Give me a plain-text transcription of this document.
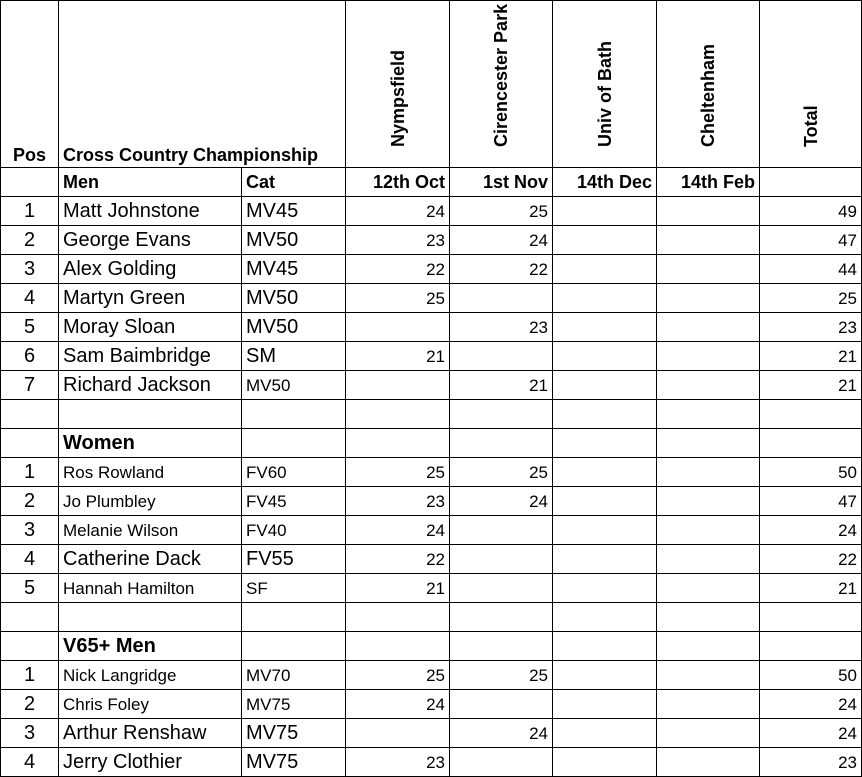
Pos	Cross Country Championship		Nympsfield	Cirencester Park	Univ of Bath	Cheltenham	Total

	Men	Cat	12th Oct	1st Nov	14th Dec	14th Feb	
1	Matt Johnstone	MV45	24	25			49
2	George Evans	MV50	23	24			47
3	Alex Golding	MV45	22	22			44
4	Martyn Green	MV50	25				25
5	Moray Sloan	MV50		23			23
6	Sam Baimbridge	SM	21				21
7	Richard Jackson	MV50		21			21

	Women						
1	Ros Rowland	FV60	25	25			50
2	Jo Plumbley	FV45	23	24			47
3	Melanie Wilson	FV40	24				24
4	Catherine Dack	FV55	22				22
5	Hannah Hamilton	SF	21				21

	V65+ Men						
1	Nick Langridge	MV70	25	25			50
2	Chris Foley	MV75	24				24
3	Arthur Renshaw	MV75		24			24
4	Jerry Clothier	MV75	23				23
